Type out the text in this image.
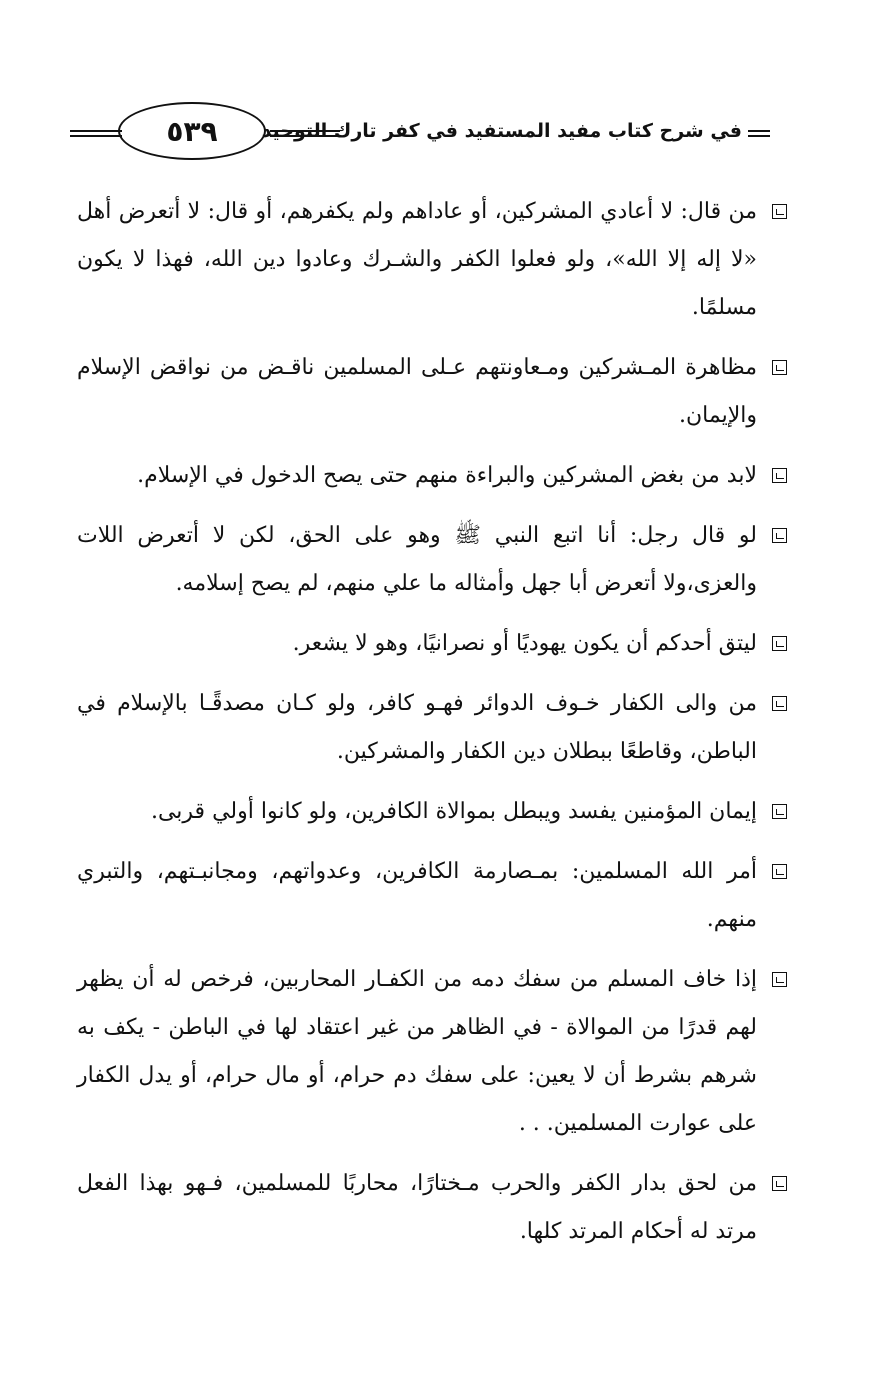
في شرح كتاب مفيد المستفيد في كفر تارك التوحيد
٥٣٩
من قال: لا أعادي المشركين، أو عاداهم ولم يكفرهم، أو قال: لا أتعرض أهل «لا إله إلا الله»، ولو فعلوا الكفر والشـرك وعادوا دين الله، فهذا لا يكون مسلمًا.
مظاهرة المـشركين ومـعاونتهم عـلى المسلمين ناقـض من نواقض الإسلام والإيمان.
لابد من بغض المشركين والبراءة منهم حتى يصح الدخول في الإسلام.
لو قال رجل: أنا اتبع النبي ﷺ وهو على الحق، لكن لا أتعرض اللات والعزى،ولا أتعرض أبا جهل وأمثاله ما علي منهم، لم يصح إسلامه.
ليتق أحدكم أن يكون يهوديًا أو نصرانيًا، وهو لا يشعر.
من والى الكفار خـوف الدوائر فهـو كافر، ولو كـان مصدقًـا بالإسلام في الباطن، وقاطعًا ببطلان دين الكفار والمشركين.
إيمان المؤمنين يفسد ويبطل بموالاة الكافرين، ولو كانوا أولي قربى.
أمر الله المسلمين: بمـصارمة الكافرين، وعدواتهم، ومجانبـتهم، والتبري منهم.
إذا خاف المسلم من سفك دمه من الكفـار المحاربين، فرخص له أن يظهر لهم قدرًا من الموالاة - في الظاهر من غير اعتقاد لها في الباطن - يكف به شرهم بشرط أن لا يعين: على سفك دم حرام، أو مال حرام، أو يدل الكفار على عوارت المسلمين. . .
من لحق بدار الكفر والحرب مـختارًا، محاربًا للمسلمين، فـهو بهذا الفعل مرتد له أحكام المرتد كلها.
